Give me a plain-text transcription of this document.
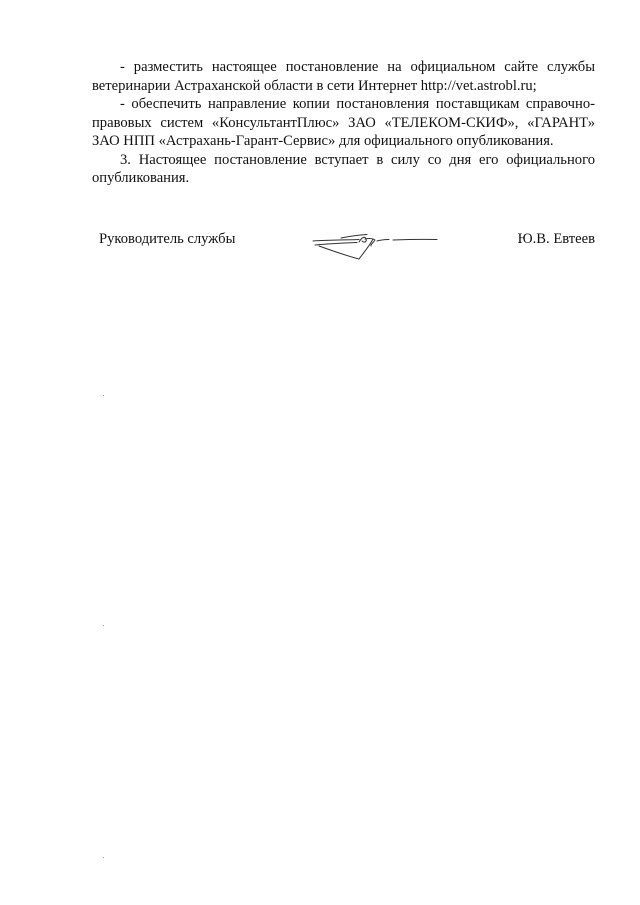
- разместить настоящее постановление на официальном сайте службы ветеринарии Астраханской области в сети Интернет http://vet.astrobl.ru;

- обеспечить направление копии постановления поставщикам справочно-правовых систем «КонсультантПлюс» ЗАО «ТЕЛЕКОМ-СКИФ», «ГАРАНТ» ЗАО НПП «Астрахань-Гарант-Сервис» для официального опубликования.

3. Настоящее постановление вступает в силу со дня его официального опубликования.

Руководитель службы	Ю.В. Евтеев
